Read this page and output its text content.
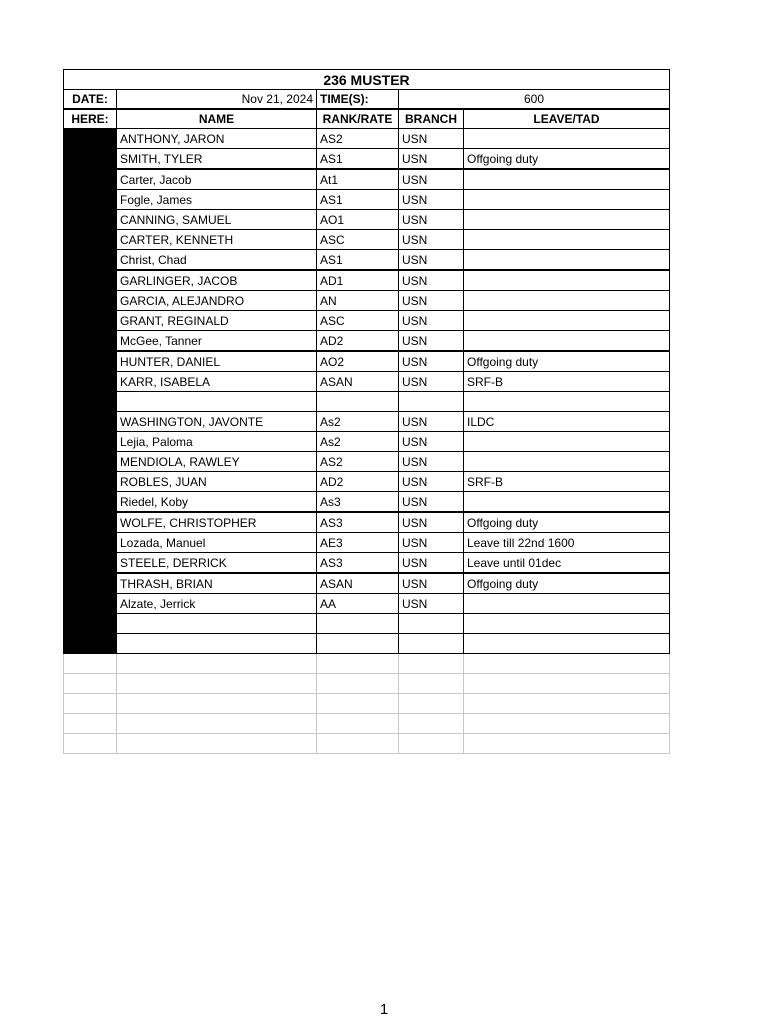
236 MUSTER				
DATE:	Nov 21, 2024	TIME(S):	600	
HERE:	NAME	RANK/RATE	BRANCH	LEAVE/TAD
	ANTHONY, JARON	AS2	USN	
	SMITH, TYLER	AS1	USN	Offgoing duty
	Carter, Jacob	At1	USN	
	Fogle, James	AS1	USN	
	CANNING, SAMUEL	AO1	USN	
	CARTER, KENNETH	ASC	USN	
	Christ, Chad	AS1	USN	
	GARLINGER, JACOB	AD1	USN	
	GARCIA, ALEJANDRO	AN	USN	
	GRANT, REGINALD	ASC	USN	
	McGee, Tanner	AD2	USN	
	HUNTER, DANIEL	AO2	USN	Offgoing duty
	KARR, ISABELA	ASAN	USN	SRF-B

	WASHINGTON, JAVONTE	As2	USN	ILDC
	Lejia, Paloma	As2	USN	
	MENDIOLA, RAWLEY	AS2	USN	
	ROBLES, JUAN	AD2	USN	SRF-B
	Riedel, Koby	As3	USN	
	WOLFE, CHRISTOPHER	AS3	USN	Offgoing duty
	Lozada, Manuel	AE3	USN	Leave till 22nd 1600
	STEELE, DERRICK	AS3	USN	Leave until 01dec
	THRASH, BRIAN	ASAN	USN	Offgoing duty
	Alzate, Jerrick	AA	USN	

1
